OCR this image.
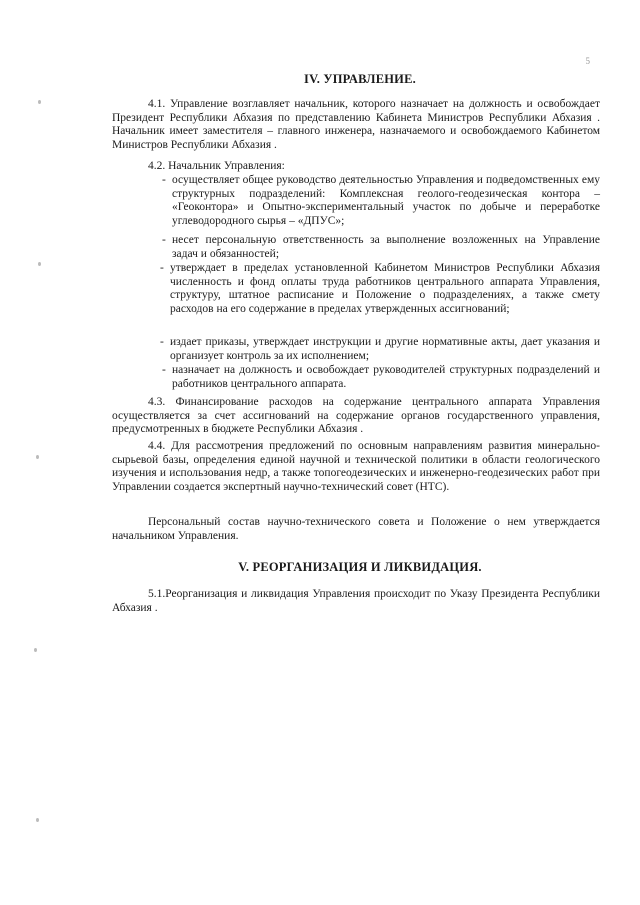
5
IV. УПРАВЛЕНИЕ.

4.1. Управление возглавляет начальник, которого назначает на должность и освобождает Президент Республики Абхазия по представлению Кабинета Министров Республики Абхазия . Начальник имеет заместителя – главного инженера, назначаемого и освобождаемого Кабинетом Министров Республики Абхазия .

4.2. Начальник Управления:

- осуществляет общее руководство деятельностью Управления и подведомственных ему структурных подразделений: Комплексная геолого-геодезическая контора – «Геоконтора» и Опытно-экспериментальный участок по добыче и переработке углеводородного сырья – «ДПУС»;
- несет персональную ответственность за выполнение возложенных на Управление задач и обязанностей;
- утверждает в пределах установленной Кабинетом Министров Республики Абхазия численность и фонд оплаты труда работников центрального аппарата Управления, структуру, штатное расписание и Положение о подразделениях, а также смету расходов на его содержание в пределах утвержденных ассигнований;
- издает приказы, утверждает инструкции и другие нормативные акты, дает указания и организует контроль за их исполнением;
- назначает на должность и освобождает руководителей структурных подразделений и работников центрального аппарата.

4.3. Финансирование расходов на содержание центрального аппарата Управления осуществляется за счет ассигнований на содержание органов государственного управления, предусмотренных в бюджете Республики Абхазия .

4.4. Для рассмотрения предложений по основным направлениям развития минерально-сырьевой базы, определения единой научной и технической политики в области геологического изучения и использования недр, а также топогеодезических и инженерно-геодезических работ при Управлении создается экспертный научно-технический совет (НТС).

Персональный состав научно-технического совета и Положение о нем утверждается начальником Управления.

V. РЕОРГАНИЗАЦИЯ И ЛИКВИДАЦИЯ.

5.1.Реорганизация и ликвидация Управления происходит по Указу Президента Республики Абхазия .
